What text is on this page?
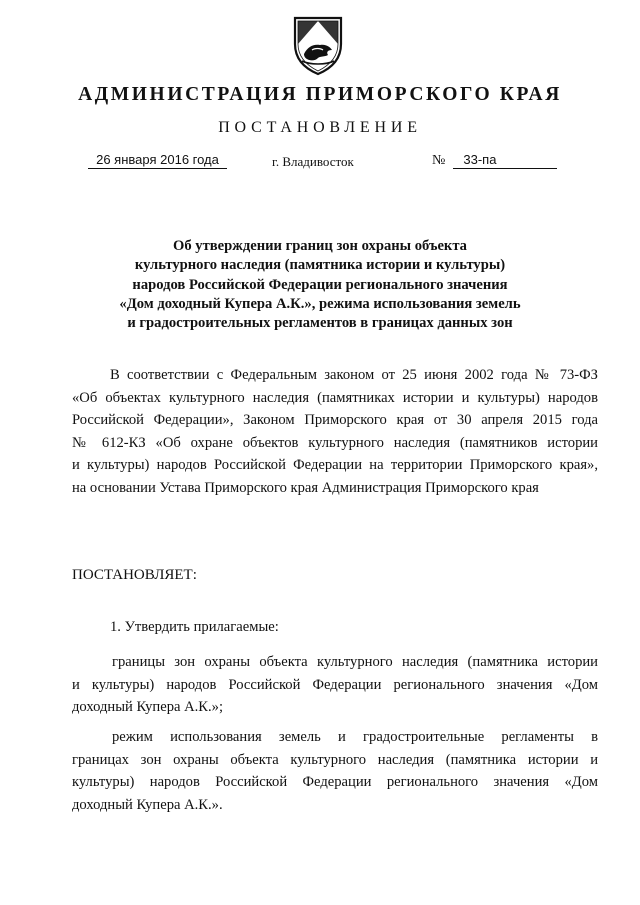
АДМИНИСТРАЦИЯ ПРИМОРСКОГО КРАЯ
ПОСТАНОВЛЕНИЕ
26 января 2016 года	г. Владивосток	№ 33-па
Об утверждении границ зон охраны объекта
культурного наследия (памятника истории и культуры)
народов Российской Федерации регионального значения
«Дом доходный Купера А.К.», режима использования земель
и градостроительных регламентов в границах данных зон
В соответствии с Федеральным законом от 25 июня 2002 года № 73-ФЗ
«Об объектах культурного наследия (памятниках истории и культуры) народов
Российской Федерации», Законом Приморского края от 30 апреля 2015 года
№ 612-КЗ «Об охране объектов культурного наследия (памятников истории
и культуры) народов Российской Федерации на территории Приморского края»,
на основании Устава Приморского края Администрация Приморского края
ПОСТАНОВЛЯЕТ:
1. Утвердить прилагаемые:
границы зон охраны объекта культурного наследия (памятника истории
и культуры) народов Российской Федерации регионального значения «Дом
доходный Купера А.К.»;
режим использования земель и градостроительные регламенты в
границах зон охраны объекта культурного наследия (памятника истории и
культуры) народов Российской Федерации регионального значения «Дом
доходный Купера А.К.».
